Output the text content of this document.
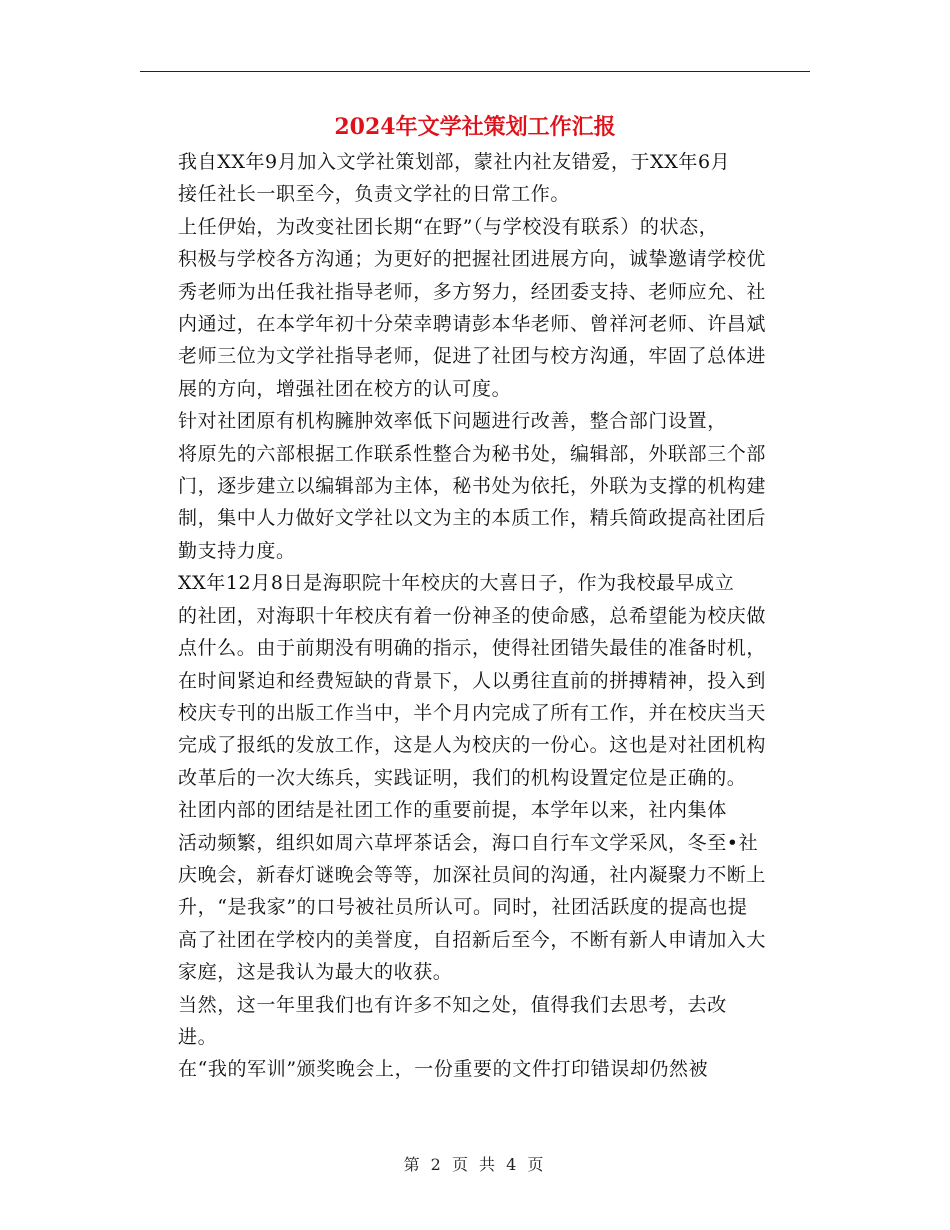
2024年文学社策划工作汇报

我自XX年9月加入文学社策划部，蒙社内社友错爱，于XX年6月
接任社长一职至今，负责文学社的日常工作。

上任伊始，为改变社团长期“在野”（与学校没有联系）的状态，
积极与学校各方沟通；为更好的把握社团进展方向，诚挚邀请学校优
秀老师为出任我社指导老师，多方努力，经团委支持、老师应允、社
内通过，在本学年初十分荣幸聘请彭本华老师、曾祥河老师、许昌斌
老师三位为文学社指导老师，促进了社团与校方沟通，牢固了总体进
展的方向，增强社团在校方的认可度。

针对社团原有机构臃肿效率低下问题进行改善，整合部门设置，
将原先的六部根据工作联系性整合为秘书处，编辑部，外联部三个部
门，逐步建立以编辑部为主体，秘书处为依托，外联为支撑的机构建
制，集中人力做好文学社以文为主的本质工作，精兵简政提高社团后
勤支持力度。

XX年12月8日是海职院十年校庆的大喜日子，作为我校最早成立
的社团，对海职十年校庆有着一份神圣的使命感，总希望能为校庆做
点什么。由于前期没有明确的指示，使得社团错失最佳的准备时机，
在时间紧迫和经费短缺的背景下，人以勇往直前的拼搏精神，投入到
校庆专刊的出版工作当中，半个月内完成了所有工作，并在校庆当天
完成了报纸的发放工作，这是人为校庆的一份心。这也是对社团机构
改革后的一次大练兵，实践证明，我们的机构设置定位是正确的。

社团内部的团结是社团工作的重要前提，本学年以来，社内集体
活动频繁，组织如周六草坪茶话会，海口自行车文学采风，冬至•社
庆晚会，新春灯谜晚会等等，加深社员间的沟通，社内凝聚力不断上
升，“是我家”的口号被社员所认可。同时，社团活跃度的提高也提
高了社团在学校内的美誉度，自招新后至今，不断有新人申请加入大
家庭，这是我认为最大的收获。

当然，这一年里我们也有许多不知之处，值得我们去思考，去改
进。

在“我的军训”颁奖晚会上，一份重要的文件打印错误却仍然被

第 2 页 共 4 页
